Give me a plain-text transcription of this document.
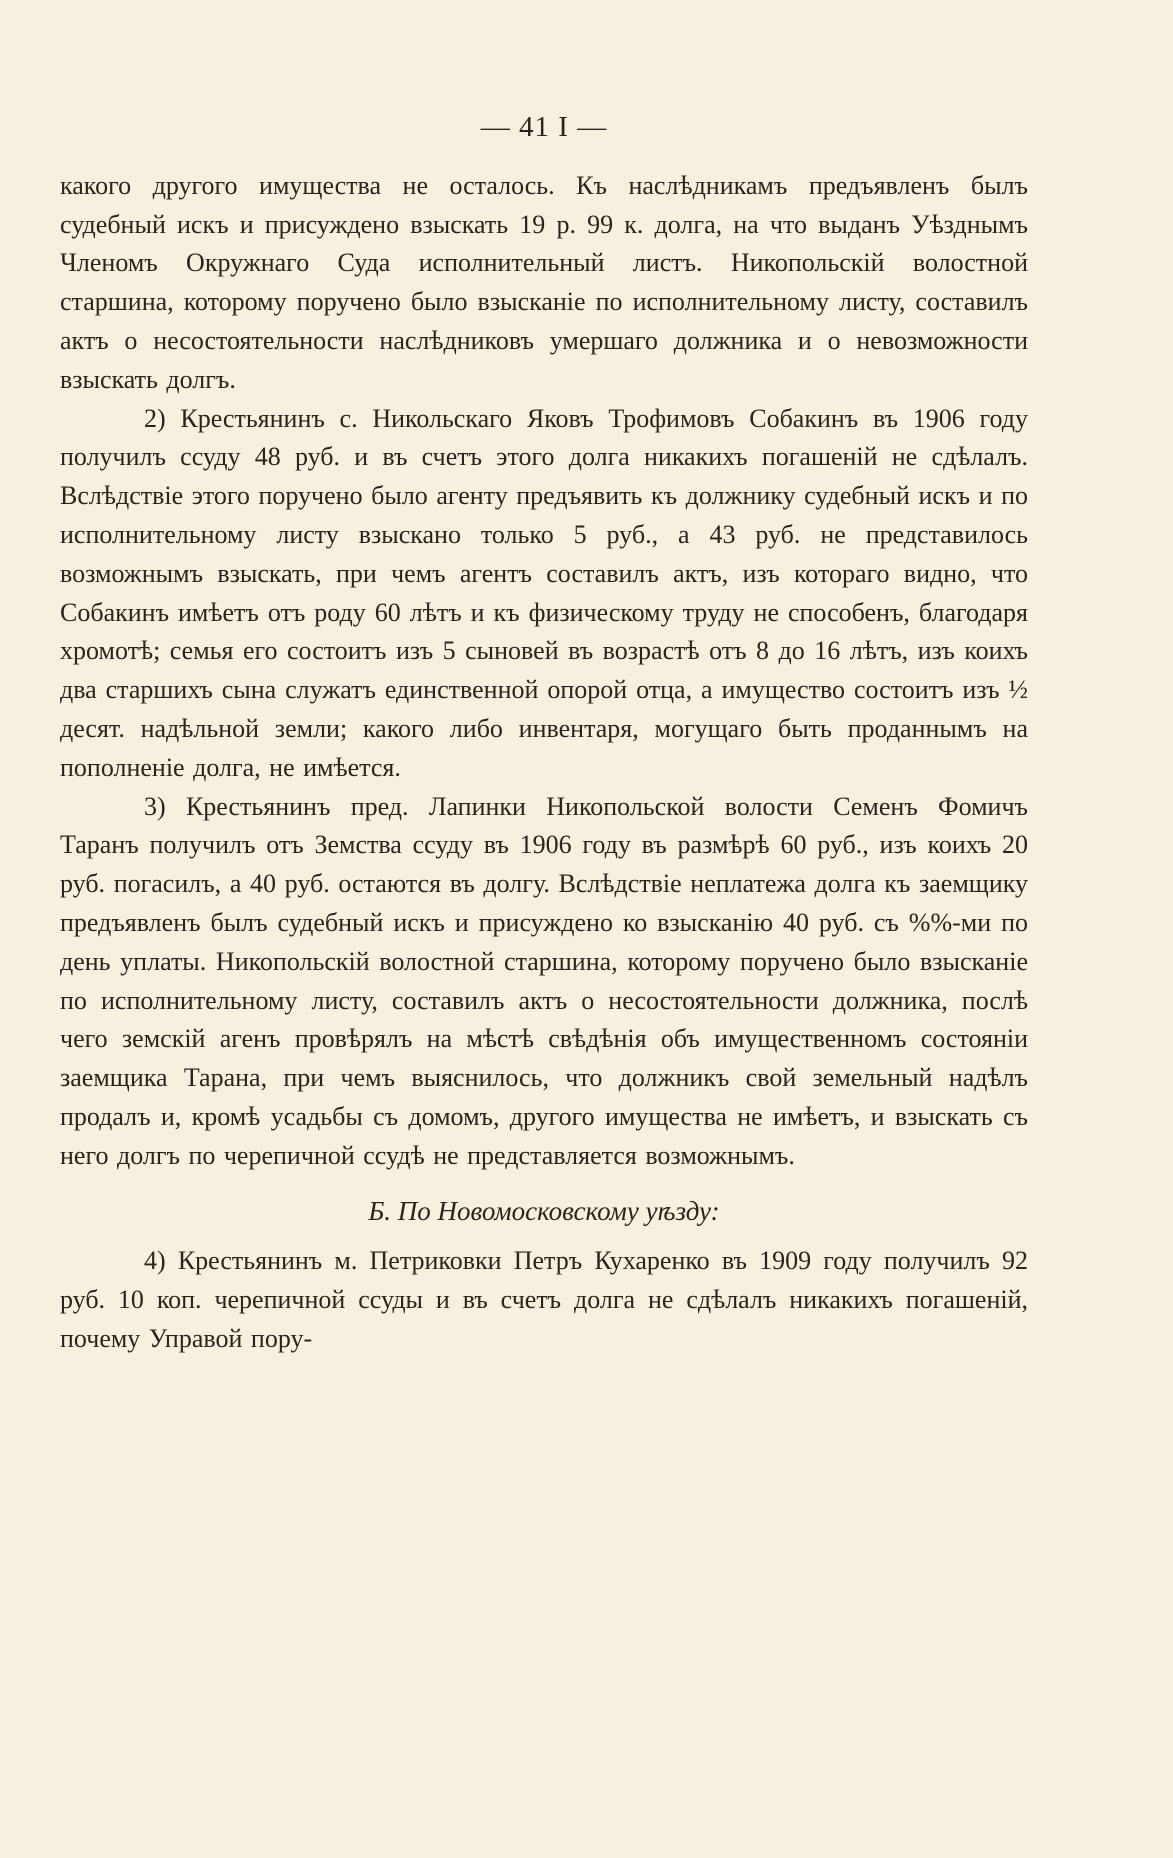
— 41 I —

какого другого имущества не осталось. Къ наслѣдникамъ предъявленъ былъ судебный искъ и присуждено взыскать 19 р. 99 к. долга, на что выданъ Уѣзднымъ Членомъ Окружнаго Суда исполнительный листъ. Никопольскій волостной старшина, которому поручено было взысканіе по исполнительному листу, составилъ актъ о несостоятельности наслѣдниковъ умершаго должника и о невозможности взыскать долгъ.

2) Крестьянинъ с. Никольскаго Яковъ Трофимовъ Собакинъ въ 1906 году получилъ ссуду 48 руб. и въ счетъ этого долга никакихъ погашеній не сдѣлалъ. Вслѣдствіе этого поручено было агенту предъявить къ должнику судебный искъ и по исполнительному листу взыскано только 5 руб., а 43 руб. не представилось возможнымъ взыскать, при чемъ агентъ составилъ актъ, изъ котораго видно, что Собакинъ имѣетъ отъ роду 60 лѣтъ и къ физическому труду не способенъ, благодаря хромотѣ; семья его состоитъ изъ 5 сыновей въ возрастѣ отъ 8 до 16 лѣтъ, изъ коихъ два старшихъ сына служатъ единственной опорой отца, а имущество состоитъ изъ ½ десят. надѣльной земли; какого либо инвентаря, могущаго быть проданнымъ на пополненіе долга, не имѣется.

3) Крестьянинъ пред. Лапинки Никопольской волости Семенъ Фомичъ Таранъ получилъ отъ Земства ссуду въ 1906 году въ размѣрѣ 60 руб., изъ коихъ 20 руб. погасилъ, а 40 руб. остаются въ долгу. Вслѣдствіе неплатежа долга къ заемщику предъявленъ былъ судебный искъ и присуждено ко взысканію 40 руб. съ %%-ми по день уплаты. Никопольскій волостной старшина, которому поручено было взысканіе по исполнительному листу, составилъ актъ о несостоятельности должника, послѣ чего земскій агенъ провѣрялъ на мѣстѣ свѣдѣнія объ имущественномъ состояніи заемщика Тарана, при чемъ выяснилось, что должникъ свой земельный надѣлъ продалъ и, кромѣ усадьбы съ домомъ, другого имущества не имѣетъ, и взыскать съ него долгъ по черепичной ссудѣ не представляется возможнымъ.

Б. По Новомосковскому уѣзду:

4) Крестьянинъ м. Петриковки Петръ Кухаренко въ 1909 году получилъ 92 руб. 10 коп. черепичной ссуды и въ счетъ долга не сдѣлалъ никакихъ погашеній, почему Управой пору-
